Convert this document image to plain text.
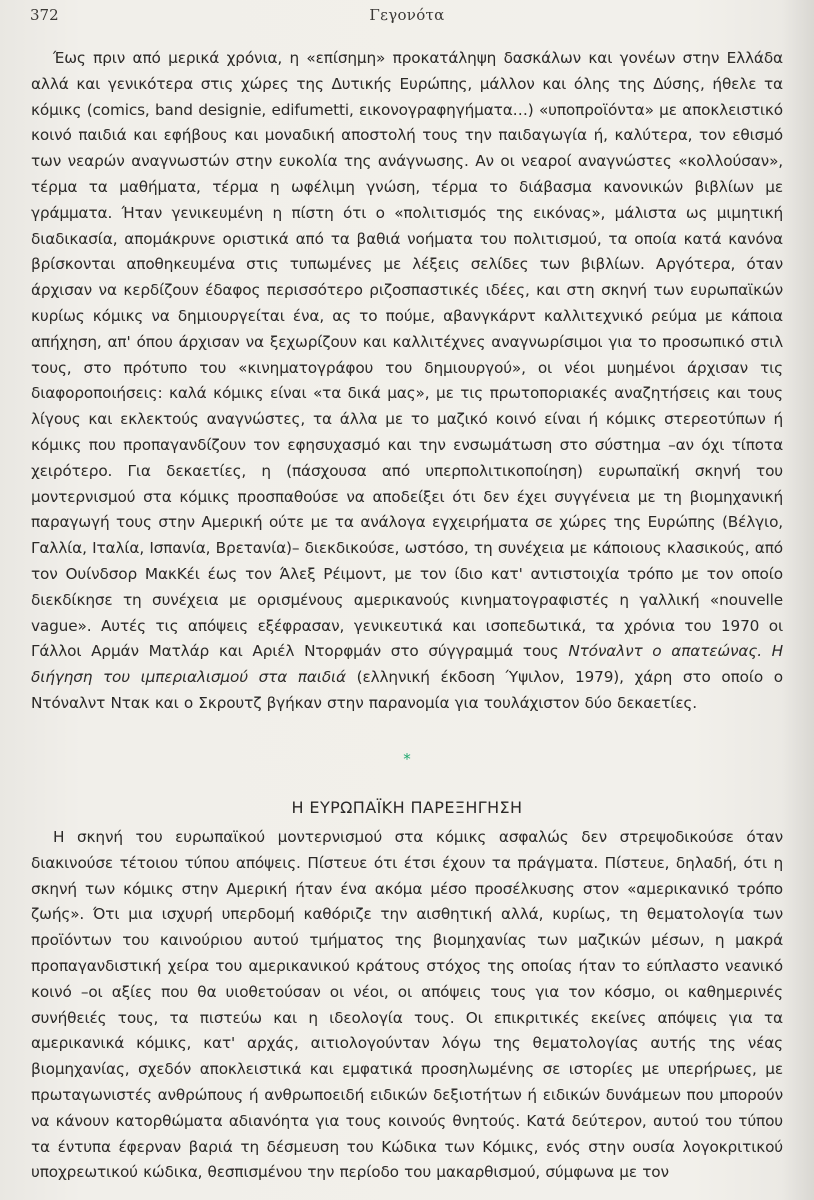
372	Γεγονότα

Έως πριν από μερικά χρόνια, η «επίσημη» προκατάληψη δασκάλων και γονέων στην Ελλάδα αλλά και γενικότερα στις χώρες της Δυτικής Ευρώπης, μάλλον και όλης της Δύσης, ήθελε τα κόμικς (comics, band designie, edifumetti, εικονογραφηγήματα…) «υποπροϊόντα» με αποκλειστικό κοινό παιδιά και εφήβους και μοναδική αποστολή τους την παιδαγωγία ή, καλύτερα, τον εθισμό των νεαρών αναγνωστών στην ευκολία της ανάγνωσης. Αν οι νεαροί αναγνώστες «κολλούσαν», τέρμα τα μαθήματα, τέρμα η ωφέλιμη γνώση, τέρμα το διάβασμα κανονικών βιβλίων με γράμματα. Ήταν γενικευμένη η πίστη ότι ο «πολιτισμός της εικόνας», μάλιστα ως μιμητική διαδικασία, απομάκρυνε οριστικά από τα βαθιά νοήματα του πολιτισμού, τα οποία κατά κανόνα βρίσκονται αποθηκευμένα στις τυπωμένες με λέξεις σελίδες των βιβλίων. Αργότερα, όταν άρχισαν να κερδίζουν έδαφος περισσότερο ριζοσπαστικές ιδέες, και στη σκηνή των ευρωπαϊκών κυρίως κόμικς να δημιουργείται ένα, ας το πούμε, αβανγκάρντ καλλιτεχνικό ρεύμα με κάποια απήχηση, απ' όπου άρχισαν να ξεχωρίζουν και καλλιτέχνες αναγνωρίσιμοι για το προσωπικό στιλ τους, στο πρότυπο του «κινηματογράφου του δημιουργού», οι νέοι μυημένοι άρχισαν τις διαφοροποιήσεις: καλά κόμικς είναι «τα δικά μας», με τις πρωτοποριακές αναζητήσεις και τους λίγους και εκλεκτούς αναγνώστες, τα άλλα με το μαζικό κοινό είναι ή κόμικς στερεοτύπων ή κόμικς που προπαγανδίζουν τον εφησυχασμό και την ενσωμάτωση στο σύστημα –αν όχι τίποτα χειρότερο. Για δεκαετίες, η (πάσχουσα από υπερπολιτικοποίηση) ευρωπαϊκή σκηνή του μοντερνισμού στα κόμικς προσπαθούσε να αποδείξει ότι δεν έχει συγγένεια με τη βιομηχανική παραγωγή τους στην Αμερική ούτε με τα ανάλογα εγχειρήματα σε χώρες της Ευρώπης (Βέλγιο, Γαλλία, Ιταλία, Ισπανία, Βρετανία)– διεκδικούσε, ωστόσο, τη συνέχεια με κάποιους κλασικούς, από τον Ουίνδσορ ΜακΚέι έως τον Άλεξ Ρέιμοντ, με τον ίδιο κατ' αντιστοιχία τρόπο με τον οποίο διεκδίκησε τη συνέχεια με ορισμένους αμερικανούς κινηματογραφιστές η γαλλική «nouvelle vague». Αυτές τις απόψεις εξέφρασαν, γενικευτικά και ισοπεδωτικά, τα χρόνια του 1970 οι Γάλλοι Αρμάν Ματλάρ και Αριέλ Ντορφμάν στο σύγγραμμά τους Ντόναλντ ο απατεώνας. Η διήγηση του ιμπεριαλισμού στα παιδιά (ελληνική έκδοση Ύψιλον, 1979), χάρη στο οποίο ο Ντόναλντ Ντακ και ο Σκρουτζ βγήκαν στην παρανομία για τουλάχιστον δύο δεκαετίες.

*
Η ΕΥΡΩΠΑΪΚΗ ΠΑΡΕΞΗΓΗΣΗ

Η σκηνή του ευρωπαϊκού μοντερνισμού στα κόμικς ασφαλώς δεν στρεψοδικούσε όταν διακινούσε τέτοιου τύπου απόψεις. Πίστευε ότι έτσι έχουν τα πράγματα. Πίστευε, δηλαδή, ότι η σκηνή των κόμικς στην Αμερική ήταν ένα ακόμα μέσο προσέλκυσης στον «αμερικανικό τρόπο ζωής». Ότι μια ισχυρή υπερδομή καθόριζε την αισθητική αλλά, κυρίως, τη θεματολογία των προϊόντων του καινούριου αυτού τμήματος της βιομηχανίας των μαζικών μέσων, η μακρά προπαγανδιστική χείρα του αμερικανικού κράτους στόχος της οποίας ήταν το εύπλαστο νεανικό κοινό –οι αξίες που θα υιοθετούσαν οι νέοι, οι απόψεις τους για τον κόσμο, οι καθημερινές συνήθειές τους, τα πιστεύω και η ιδεολογία τους. Οι επικριτικές εκείνες απόψεις για τα αμερικανικά κόμικς, κατ' αρχάς, αιτιολογούνταν λόγω της θεματολογίας αυτής της νέας βιομηχανίας, σχεδόν αποκλειστικά και εμφατικά προσηλωμένης σε ιστορίες με υπερήρωες, με πρωταγωνιστές ανθρώπους ή ανθρωποειδή ειδικών δεξιοτήτων ή ειδικών δυνάμεων που μπορούν να κάνουν κατορθώματα αδιανόητα για τους κοινούς θνητούς. Κατά δεύτερον, αυτού του τύπου τα έντυπα έφερναν βαριά τη δέσμευση του Κώδικα των Κόμικς, ενός στην ουσία λογοκριτικού υποχρεωτικού κώδικα, θεσπισμένου την περίοδο του μακαρθισμού, σύμφωνα με τον
